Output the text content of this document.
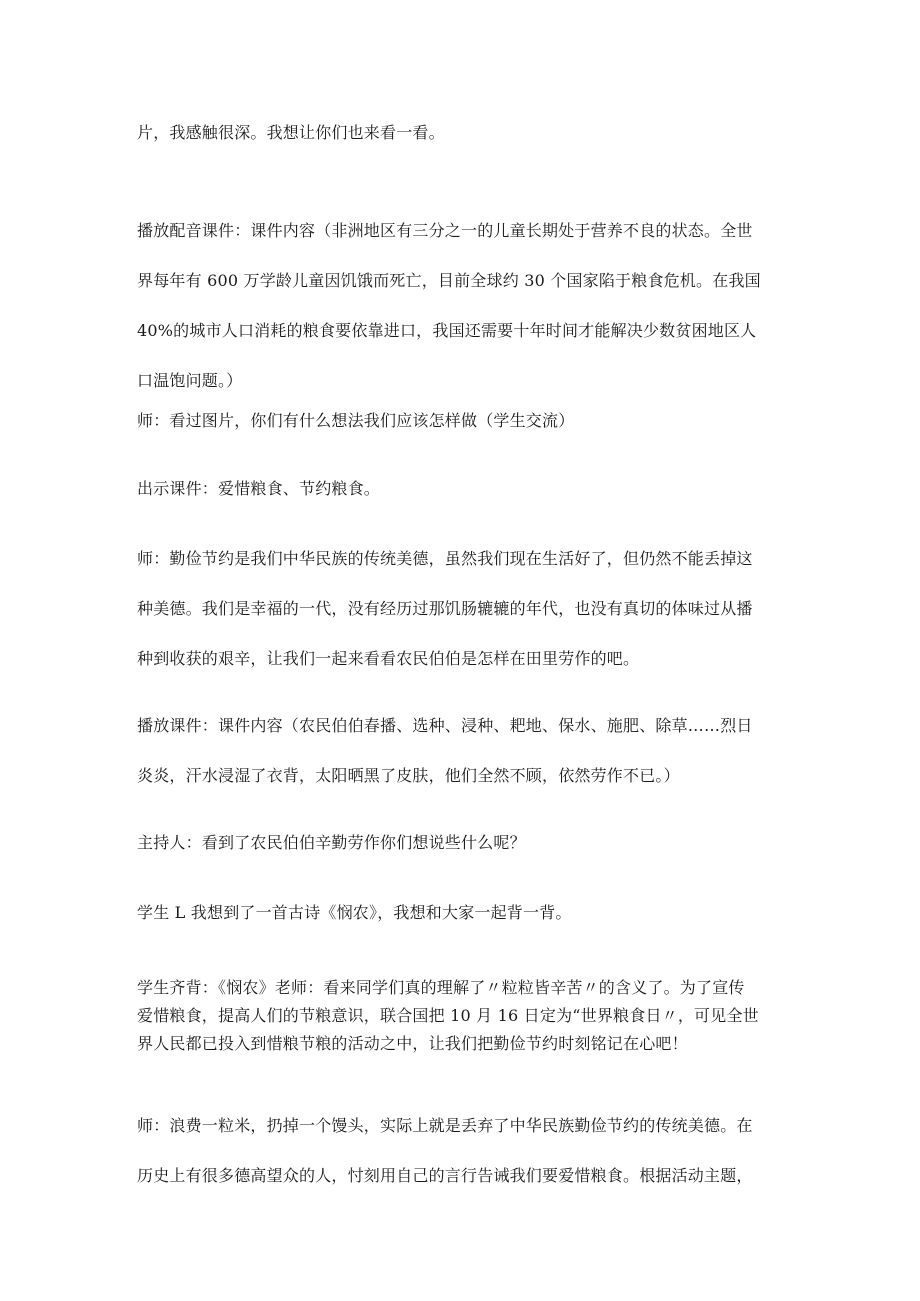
片，我感触很深。我想让你们也来看一看。

播放配音课件：课件内容（非洲地区有三分之一的儿童长期处于营养不良的状态。全世
界每年有 600 万学龄儿童因饥饿而死亡，目前全球约 30 个国家陷于粮食危机。在我国
40%的城市人口消耗的粮食要依靠进口，我国还需要十年时间才能解决少数贫困地区人
口温饱问题。）

师：看过图片，你们有什么想法我们应该怎样做（学生交流）

出示课件：爱惜粮食、节约粮食。

师：勤俭节约是我们中华民族的传统美德，虽然我们现在生活好了，但仍然不能丢掉这
种美德。我们是幸福的一代，没有经历过那饥肠辘辘的年代，也没有真切的体味过从播
种到收获的艰辛，让我们一起来看看农民伯伯是怎样在田里劳作的吧。

播放课件：课件内容（农民伯伯春播、选种、浸种、耙地、保水、施肥、除草……烈日
炎炎，汗水浸湿了衣背，太阳晒黑了皮肤，他们全然不顾，依然劳作不已。）

主持人：看到了农民伯伯辛勤劳作你们想说些什么呢？

学生 L 我想到了一首古诗《悯农》，我想和大家一起背一背。

学生齐背：《悯农》老师：看来同学们真的理解了〃粒粒皆辛苦〃的含义了。为了宣传
爱惜粮食，提高人们的节粮意识，联合国把 10 月 16 日定为“世界粮食日〃，可见全世
界人民都已投入到惜粮节粮的活动之中，让我们把勤俭节约时刻铭记在心吧！

师：浪费一粒米，扔掉一个馒头，实际上就是丢弃了中华民族勤俭节约的传统美德。在
历史上有很多德高望众的人，忖刻用自己的言行告诫我们要爱惜粮食。根据活动主题，
